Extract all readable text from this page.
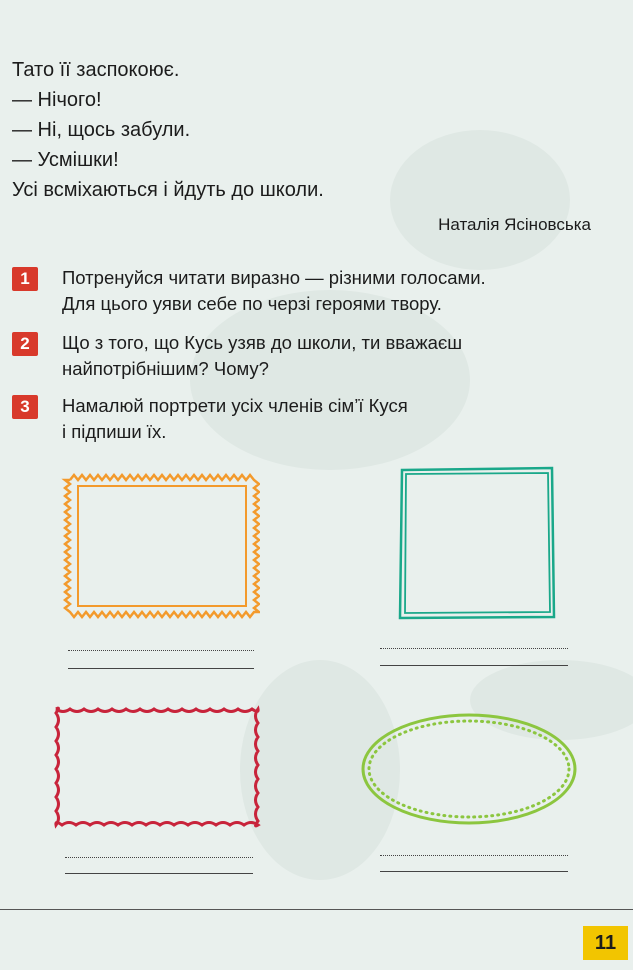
Тато її заспокоює.
— Нічого!
— Ні, щось забули.
— Усмішки!
Усі всміхаються і йдуть до школи.
Наталія Ясіновська
1	Потренуйся читати виразно — різними голосами.
Для цього уяви себе по черзі героями твору.
2	Що з того, що Кусь узяв до школи, ти вважаєш
найпотрібнішим? Чому?
3	Намалюй портрети усіх членів сім’ї Куся
і підпиши їх.
11
